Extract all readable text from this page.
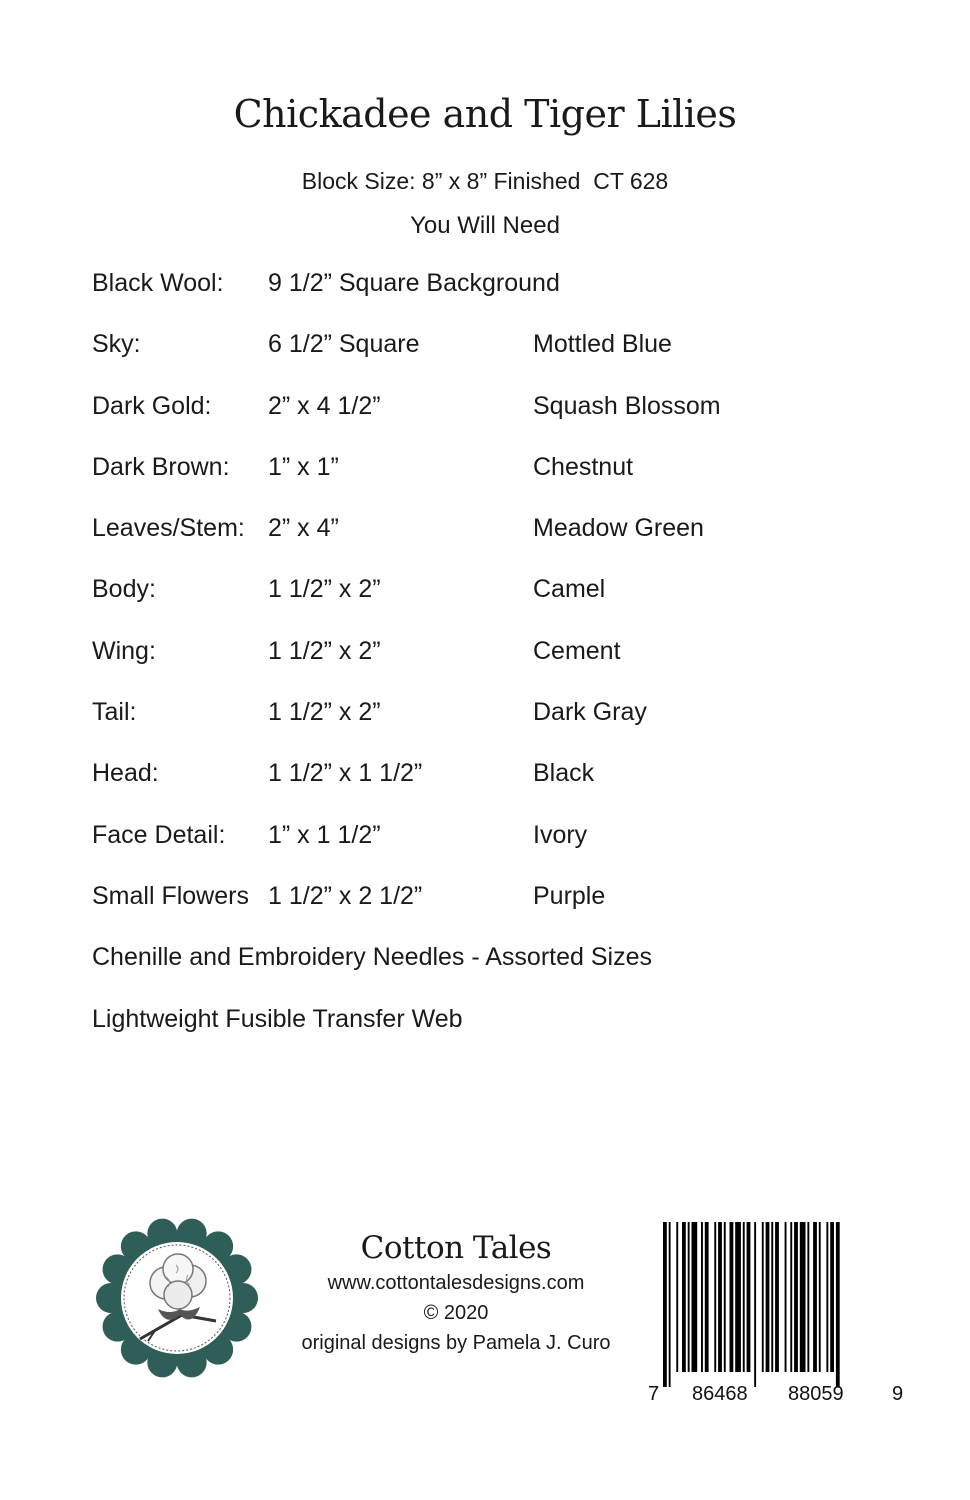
Chickadee and Tiger Lilies
Block Size: 8” x 8” Finished  CT 628
You Will Need
Black Wool: 9 1/2” Square Background
Sky:	6 1/2” Square	Mottled Blue
Dark Gold: 2” x 4 1/2”	Squash Blossom
Dark Brown: 1” x 1”	Chestnut
Leaves/Stem: 2” x 4”	Meadow Green
Body:	1 1/2” x 2”	Camel
Wing:	1 1/2” x 2”	Cement
Tail:	1 1/2” x 2”	Dark Gray
Head:	1 1/2” x 1 1/2”	Black
Face Detail: 1” x 1 1/2”	Ivory
Small Flowers 1 1/2” x 2 1/2”	Purple
Chenille and Embroidery Needles - Assorted Sizes
Lightweight Fusible Transfer Web
Cotton Tales
www.cottontalesdesigns.com
© 2020
original designs by Pamela J. Curo
7 86468 88059 9
